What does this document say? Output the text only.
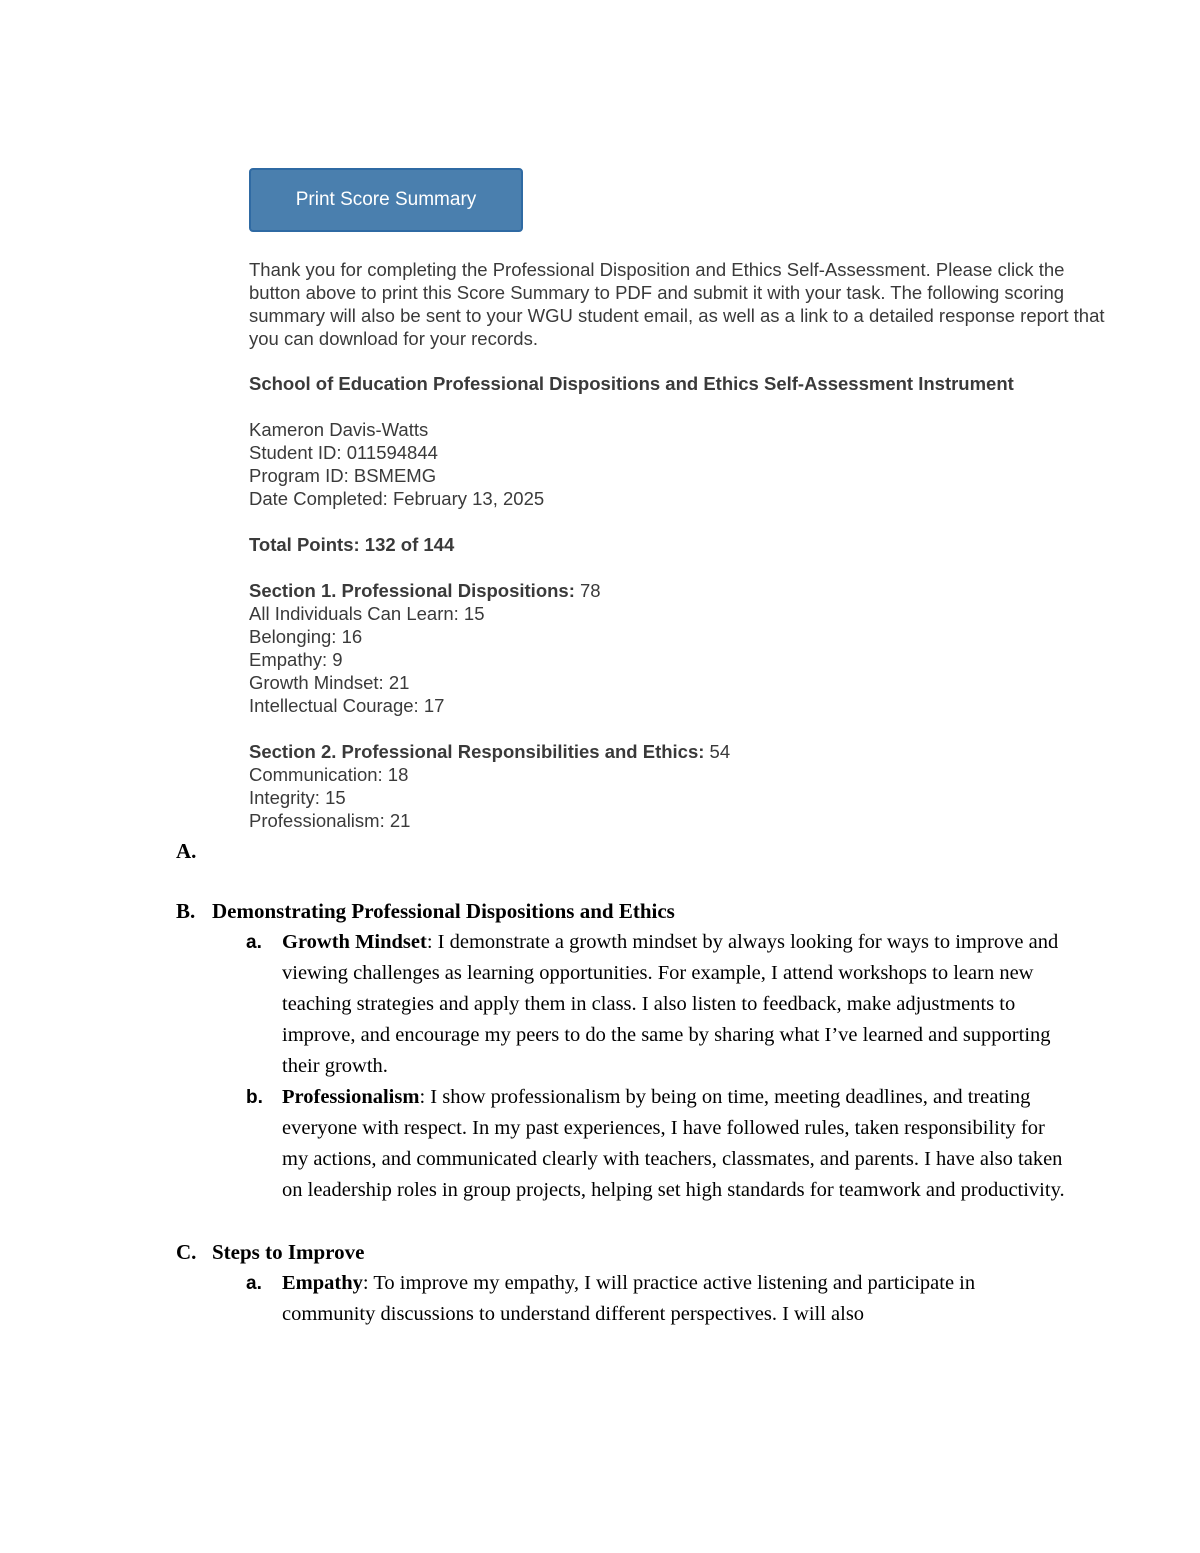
Print Score Summary

Thank you for completing the Professional Disposition and Ethics Self-Assessment. Please click the button above to print this Score Summary to PDF and submit it with your task. The following scoring summary will also be sent to your WGU student email, as well as a link to a detailed response report that you can download for your records.

School of Education Professional Dispositions and Ethics Self-Assessment Instrument
Kameron Davis-Watts
Student ID: 011594844
Program ID: BSMEMG
Date Completed: February 13, 2025
Total Points: 132 of 144
Section 1. Professional Dispositions: 78
All Individuals Can Learn: 15
Belonging: 16
Empathy: 9
Growth Mindset: 21
Intellectual Courage: 17
Section 2. Professional Responsibilities and Ethics: 54
Communication: 18
Integrity: 15
Professionalism: 21
A.
B. Demonstrating Professional Dispositions and Ethics
a. Growth Mindset: I demonstrate a growth mindset by always looking for ways to improve and viewing challenges as learning opportunities. For example, I attend workshops to learn new teaching strategies and apply them in class. I also listen to feedback, make adjustments to improve, and encourage my peers to do the same by sharing what I’ve learned and supporting their growth.
b. Professionalism: I show professionalism by being on time, meeting deadlines, and treating everyone with respect. In my past experiences, I have followed rules, taken responsibility for my actions, and communicated clearly with teachers, classmates, and parents. I have also taken on leadership roles in group projects, helping set high standards for teamwork and productivity.
C. Steps to Improve
a. Empathy: To improve my empathy, I will practice active listening and participate in community discussions to understand different perspectives. I will also
